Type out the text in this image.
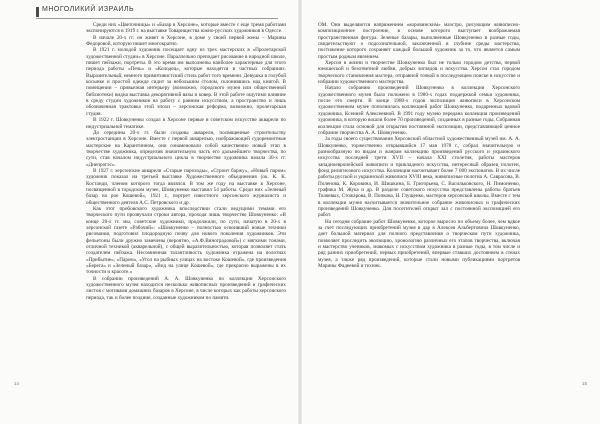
МНОГОЛИКИЙ ИЗРАИЛЬ

Среди них «Цветочницы» и «Базар в Херсоне», которые вместе с еще тремя работами экспонируются в 1919 г. на выставке Товарищества южно-русских художников в Одессе.

В начале 20-х гг. он живет в Херсоне, в доме у своей первой жены – Марины Федоровой, которую пишет многократно.

В 1921 г. молодой художник посещает одну из трех мастерских в «Пролетарской художественной студии» в Херсоне. Параллельно преподает рисование в народной школе, пишет пейзажи, портреты. В это время им выполнены наиболее характерные для этого периода работы «Печь» и «Колодец», которые находятся в частных собраниях. Выразительный, немного примитивистский стиль работ того времени. Девушка в голубой косынке и простой одежде сидит за небольшим столом, склонившись над книгой. В помещении – привычная интерьеру (возможно, городского музея или общественной библиотеки) видна выставка декоративной вазы и ковер. В этой работе ощутимо влияние в среду студии художников на работу с ранним искусством, а пространство и лишь обозначенная трактовка этой эпохи – херсонская реформа, возможно, пролетарская студия.

В 1922 г. Шовкуненко создал в Херсоне первые в советском искусстве акварели по индустриальной тематике.

До середины 20-х гг. были созданы акварели, посвященные строительству электростанции в Херсоне. Вместе с первой акварелью, изображающей судоремонтные мастерские на Карантинном, они ознаменовали собой качественно новый этап в творчестве художника, определив значительную часть его дальнейшего творчества, по сути, став началом индустриального цикла в творчестве художника начала 30-х гг. «Днепрогэс».

В 1927 г. херсонские акварели «Старые пароходы», «Строит баржу», «Новый паром» художник показал на третьей выставке Художественного объединения (ок. К. К. Костанди, членом которого тогда являлся. В том же году на выставке в Херсоне, посвященной в городском музее, Шовкуненко выставил 54 работы. Среди них «Зеленый базар на рое Кошевой», 1921 г., портрет известного херсонского журналиста и общественного деятеля А.С. Петровского и др.

Как этот пробовского художника впоследствии стали ведущими темами его творческого пути прозвучали строки автора, проходя лишь творчество Шовкуненко: «В конце 20-х гг. мы, советские художники, продолжили, по сути, начатую в 20-х в херсонской газете «Рабочий»: «Шовкуненко – полностью освоивший новые техники рисования, подготовил плодородную почву для нового поколения художников. Эти фельетоны были дружно замечены (вероятно, «А.Ф.Виноградовой») с мягкими тонами, отличной техникой (акварельной), с общей выразительностью, которая позволяет стать создателем пейзажа. Несомненная талантливость художника отражена на полотнах «Прибытие», «Паром», «Угол на рыбных улицах на востоке Кошевой», где произведения «Берега» и «Зеленый базар», «Вид на улице Кошевой», где прекрасно выражены в их точности и красоте.»

В собрании произведений А. А. Шовкуненко по коллекции Херсонского художественного музея находится несколько живописных произведений и графических листов с мотивами домашних базаров в Херсоне, в числе которых как работы херсонского периода, так и более поздние, созданные художником по памяти.

ОМ. Они выделяются напряжением «коровинским» маэстро, рисующим живописно-композиционное построение, в основе которого выступает воображаемая пространственная фигура. Зеленые базары, выполненные Шовкуненко в разные годы, свидетельствуют о подсознательной, заключенной в глубине среды мастерства, постижение которого сохраняет каждый большой художник за то, что является самым простым родным явлением.

Херсон в жизни и творчестве Шовкуненко был не только городом детства, первой юношеской и безответной любви, добрых взглядов и искусства. Херсон стал городом творческого становления мастера, отправной точкой в последующем поиске в искусстве и избрании художественного мастерства.

Начало собранию произведений Шовкуненко в коллекции Херсонского художественного музея было положено в 1980-х годах поддержкой семьи художника, после его смерти. В конце 1980-х годов экспозиция живописи в Херсонском художественном музее пополнилась коллекцией работ Шовкуненко, подаренных вдовой художника, Ксенией Алексеевной. В 1991 году музею передана коллекция произведений художника, в которую вошли более 70 произведений, созданных в разные годы. Собранная коллекция стала основой для открытия постоянной экспозиции, представляющей ценное собрание творчества А. А. Шовкуненко.

За годы своего существования Херсонский областной художественный музей им. А. А. Шовкуненко, торжественно открывшийся 17 мая 1978 г., собрал значительную и разнообразную по видам и жанрам коллекцию произведений русского и украинского искусства последней трети XVII – начала XXI столетия, работы мастеров западноевропейской живописи и прикладного искусства, интересный образец полотен, фонд религиозного искусства. Коллекция насчитывает более 7 000 экспонатов. В их числе работы русской и украинской живописи XVIII века, живописные полотна А. Саврасова, В. Поленова, К. Коровина, И. Шишкина, Б. Григорьева, С. Васильковского, Н. Пимоненко, графика М. Жука и др. В разделе советского искусства представлены работы братьев Ткачевых, Стожарова, В. Попкова, Н. Глущенко, мастеров херсонской школы. Вместе с тем в коллекции музея насчитывается значительное собрание живописных и графических произведений Шовкуненко. Для посетителей открыт зал с постоянной экспозицией его работ.

На сегодня собрание работ Шовкуненко, которое выросло по объему более, чем вдвое за счет последующих приобретений музея в дар в Алексея Альбертовича Шовкуненко, дает большой материал для полного представления о творческом пути художника, позволяет проследить эволюцию, хронологию различных его этапов творчества, включая и мастерство учеников, знакомых с искусством художника в разные годы, в том числе и ряд ранних приобретений, первых приобретений, впервые ставших достоянием в стенах музея, а также ряд произведений, которые стали новыми публикациями портретов Марины Фадеевой и техник.

14	15
